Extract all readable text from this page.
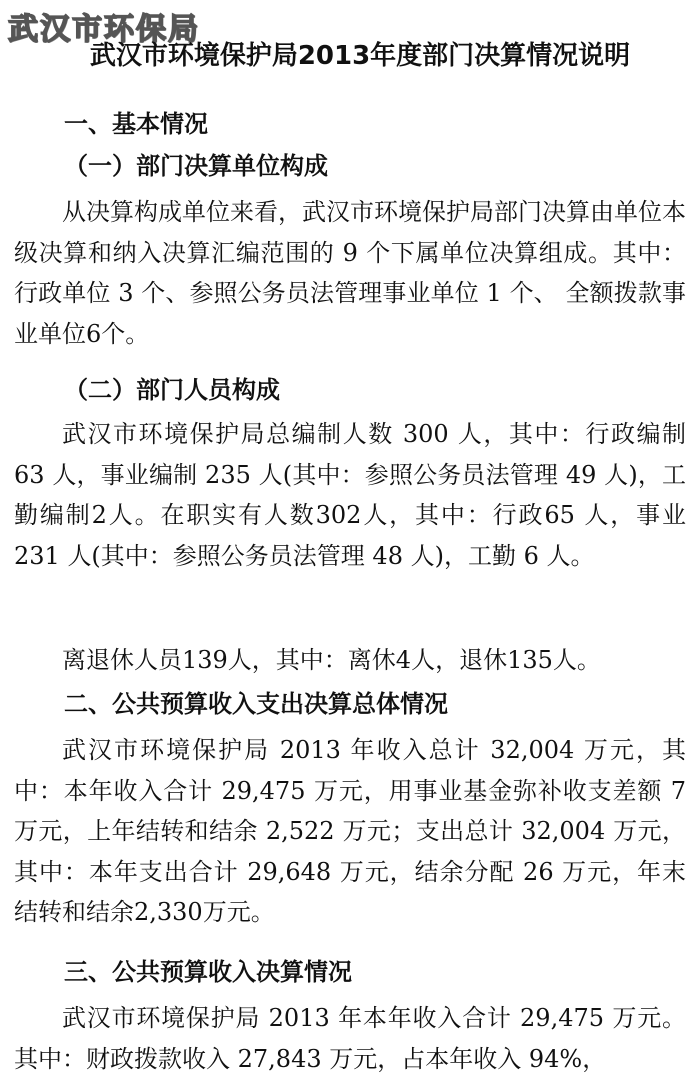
武汉市环保局
武汉市环境保护局2013年度部门决算情况说明
一、基本情况
（一）部门决算单位构成
从决算构成单位来看，武汉市环境保护局部门决算由单位本级决算和纳入决算汇编范围的 9 个下属单位决算组成。其中：行政单位 3 个、参照公务员法管理事业单位 1 个、 全额拨款事业单位6个。
（二）部门人员构成
武汉市环境保护局总编制人数 300 人，其中：行政编制 63 人，事业编制 235 人(其中：参照公务员法管理 49 人)，工勤编制2人。在职实有人数302人，其中：行政65 人，事业 231 人(其中：参照公务员法管理 48 人)，工勤 6 人。
离退休人员139人，其中：离休4人，退休135人。
二、公共预算收入支出决算总体情况
武汉市环境保护局 2013 年收入总计 32,004 万元，其中：本年收入合计 29,475 万元，用事业基金弥补收支差额 7 万元，上年结转和结余 2,522 万元；支出总计 32,004 万元，其中：本年支出合计 29,648 万元，结余分配 26 万元，年末结转和结余2,330万元。
三、公共预算收入决算情况
武汉市环境保护局 2013 年本年收入合计 29,475 万元。其中：财政拨款收入 27,843 万元，占本年收入 94%，
